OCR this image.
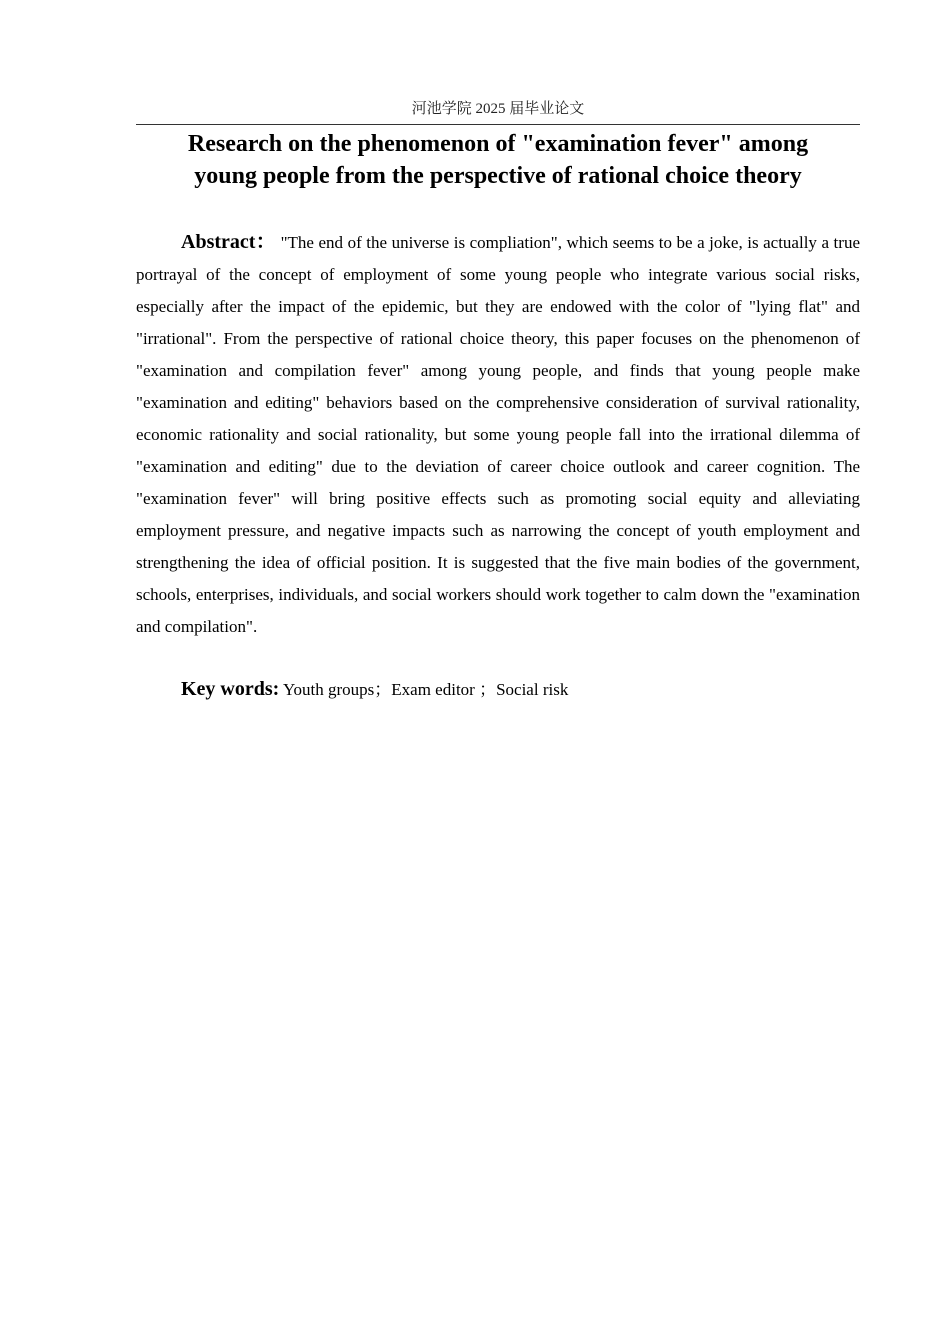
河池学院 2025 届毕业论文
Research on the phenomenon of "examination fever" among
young people from the perspective of rational choice theory

Abstract： "The end of the universe is compliation", which seems to be a joke, is actually a true portrayal of the concept of employment of some young people who integrate various social risks, especially after the impact of the epidemic, but they are endowed with the color of "lying flat" and "irrational". From the perspective of rational choice theory, this paper focuses on the phenomenon of "examination and compilation fever" among young people, and finds that young people make "examination and editing" behaviors based on the comprehensive consideration of survival rationality, economic rationality and social rationality, but some young people fall into the irrational dilemma of "examination and editing" due to the deviation of career choice outlook and career cognition. The "examination fever" will bring positive effects such as promoting social equity and alleviating employment pressure, and negative impacts such as narrowing the concept of youth employment and strengthening the idea of official position. It is suggested that the five main bodies of the government, schools, enterprises, individuals, and social workers should work together to calm down the "examination and compilation".

Key words: Youth groups；Exam editor ；Social risk
